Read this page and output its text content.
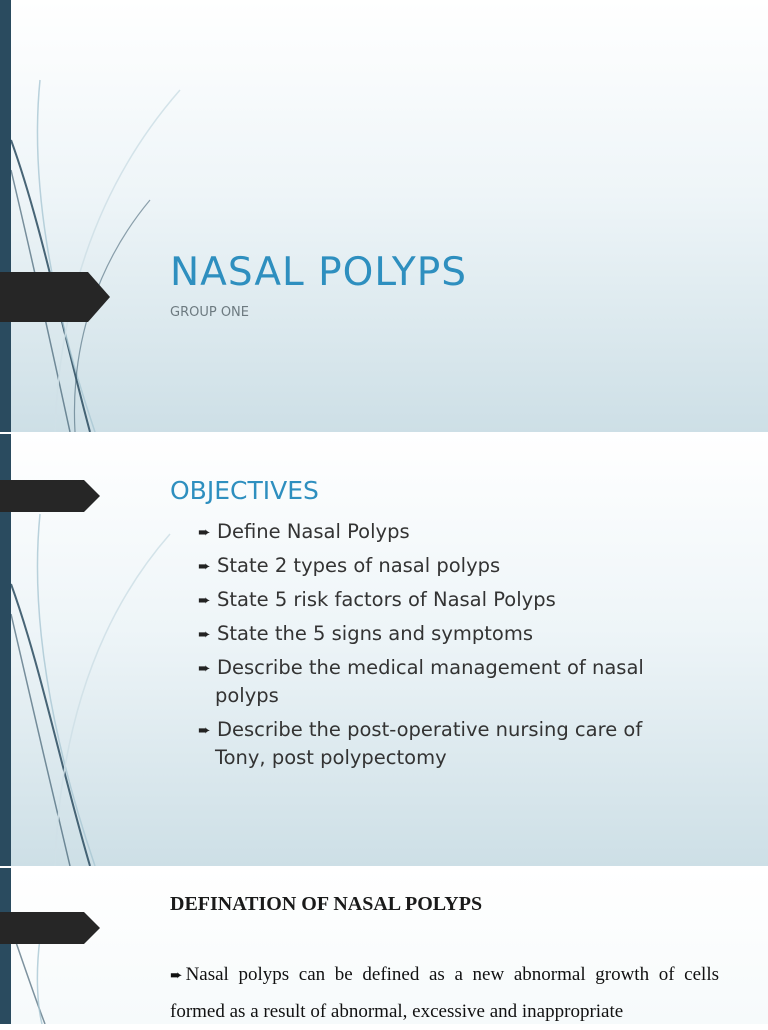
NASAL POLYPS

GROUP ONE

OBJECTIVES
➨ Define Nasal Polyps
➨ State 2 types of nasal polyps
➨ State 5 risk factors of Nasal Polyps
➨ State the 5 signs and symptoms
➨ Describe the medical management of nasal
polyps
➨ Describe the post-operative nursing care of
Tony, post polypectomy
DEFINATION OF NASAL POLYPS

➨ Nasal polyps can be defined as a new abnormal growth of cells formed as a result of abnormal, excessive and inappropriate
